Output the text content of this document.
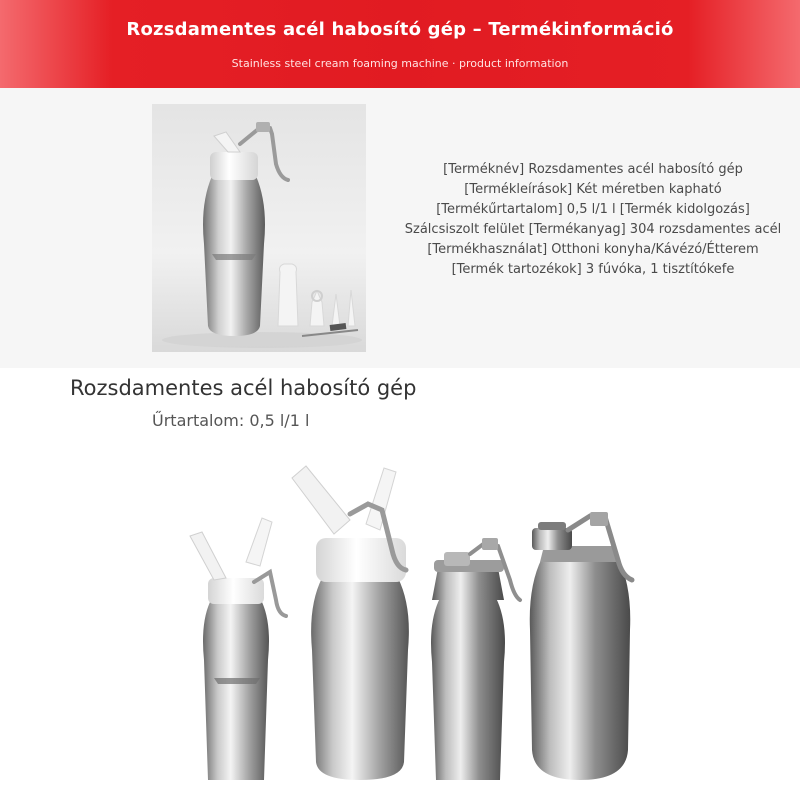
Rozsdamentes acél habosító gép – Termékinformáció
Stainless steel cream foaming machine · product information
[Terméknév] Rozsdamentes acél habosító gép [Termékleírások] Két méretben kapható [Termékűrtartalom] 0,5 l/1 l [Termék kidolgozás] Szálcsiszolt felület [Termékanyag] 304 rozsdamentes acél [Termékhasználat] Otthoni konyha/Kávézó/Étterem [Termék tartozékok] 3 fúvóka, 1 tisztítókefe
Rozsdamentes acél habosító gép
Űrtartalom: 0,5 l/1 l
